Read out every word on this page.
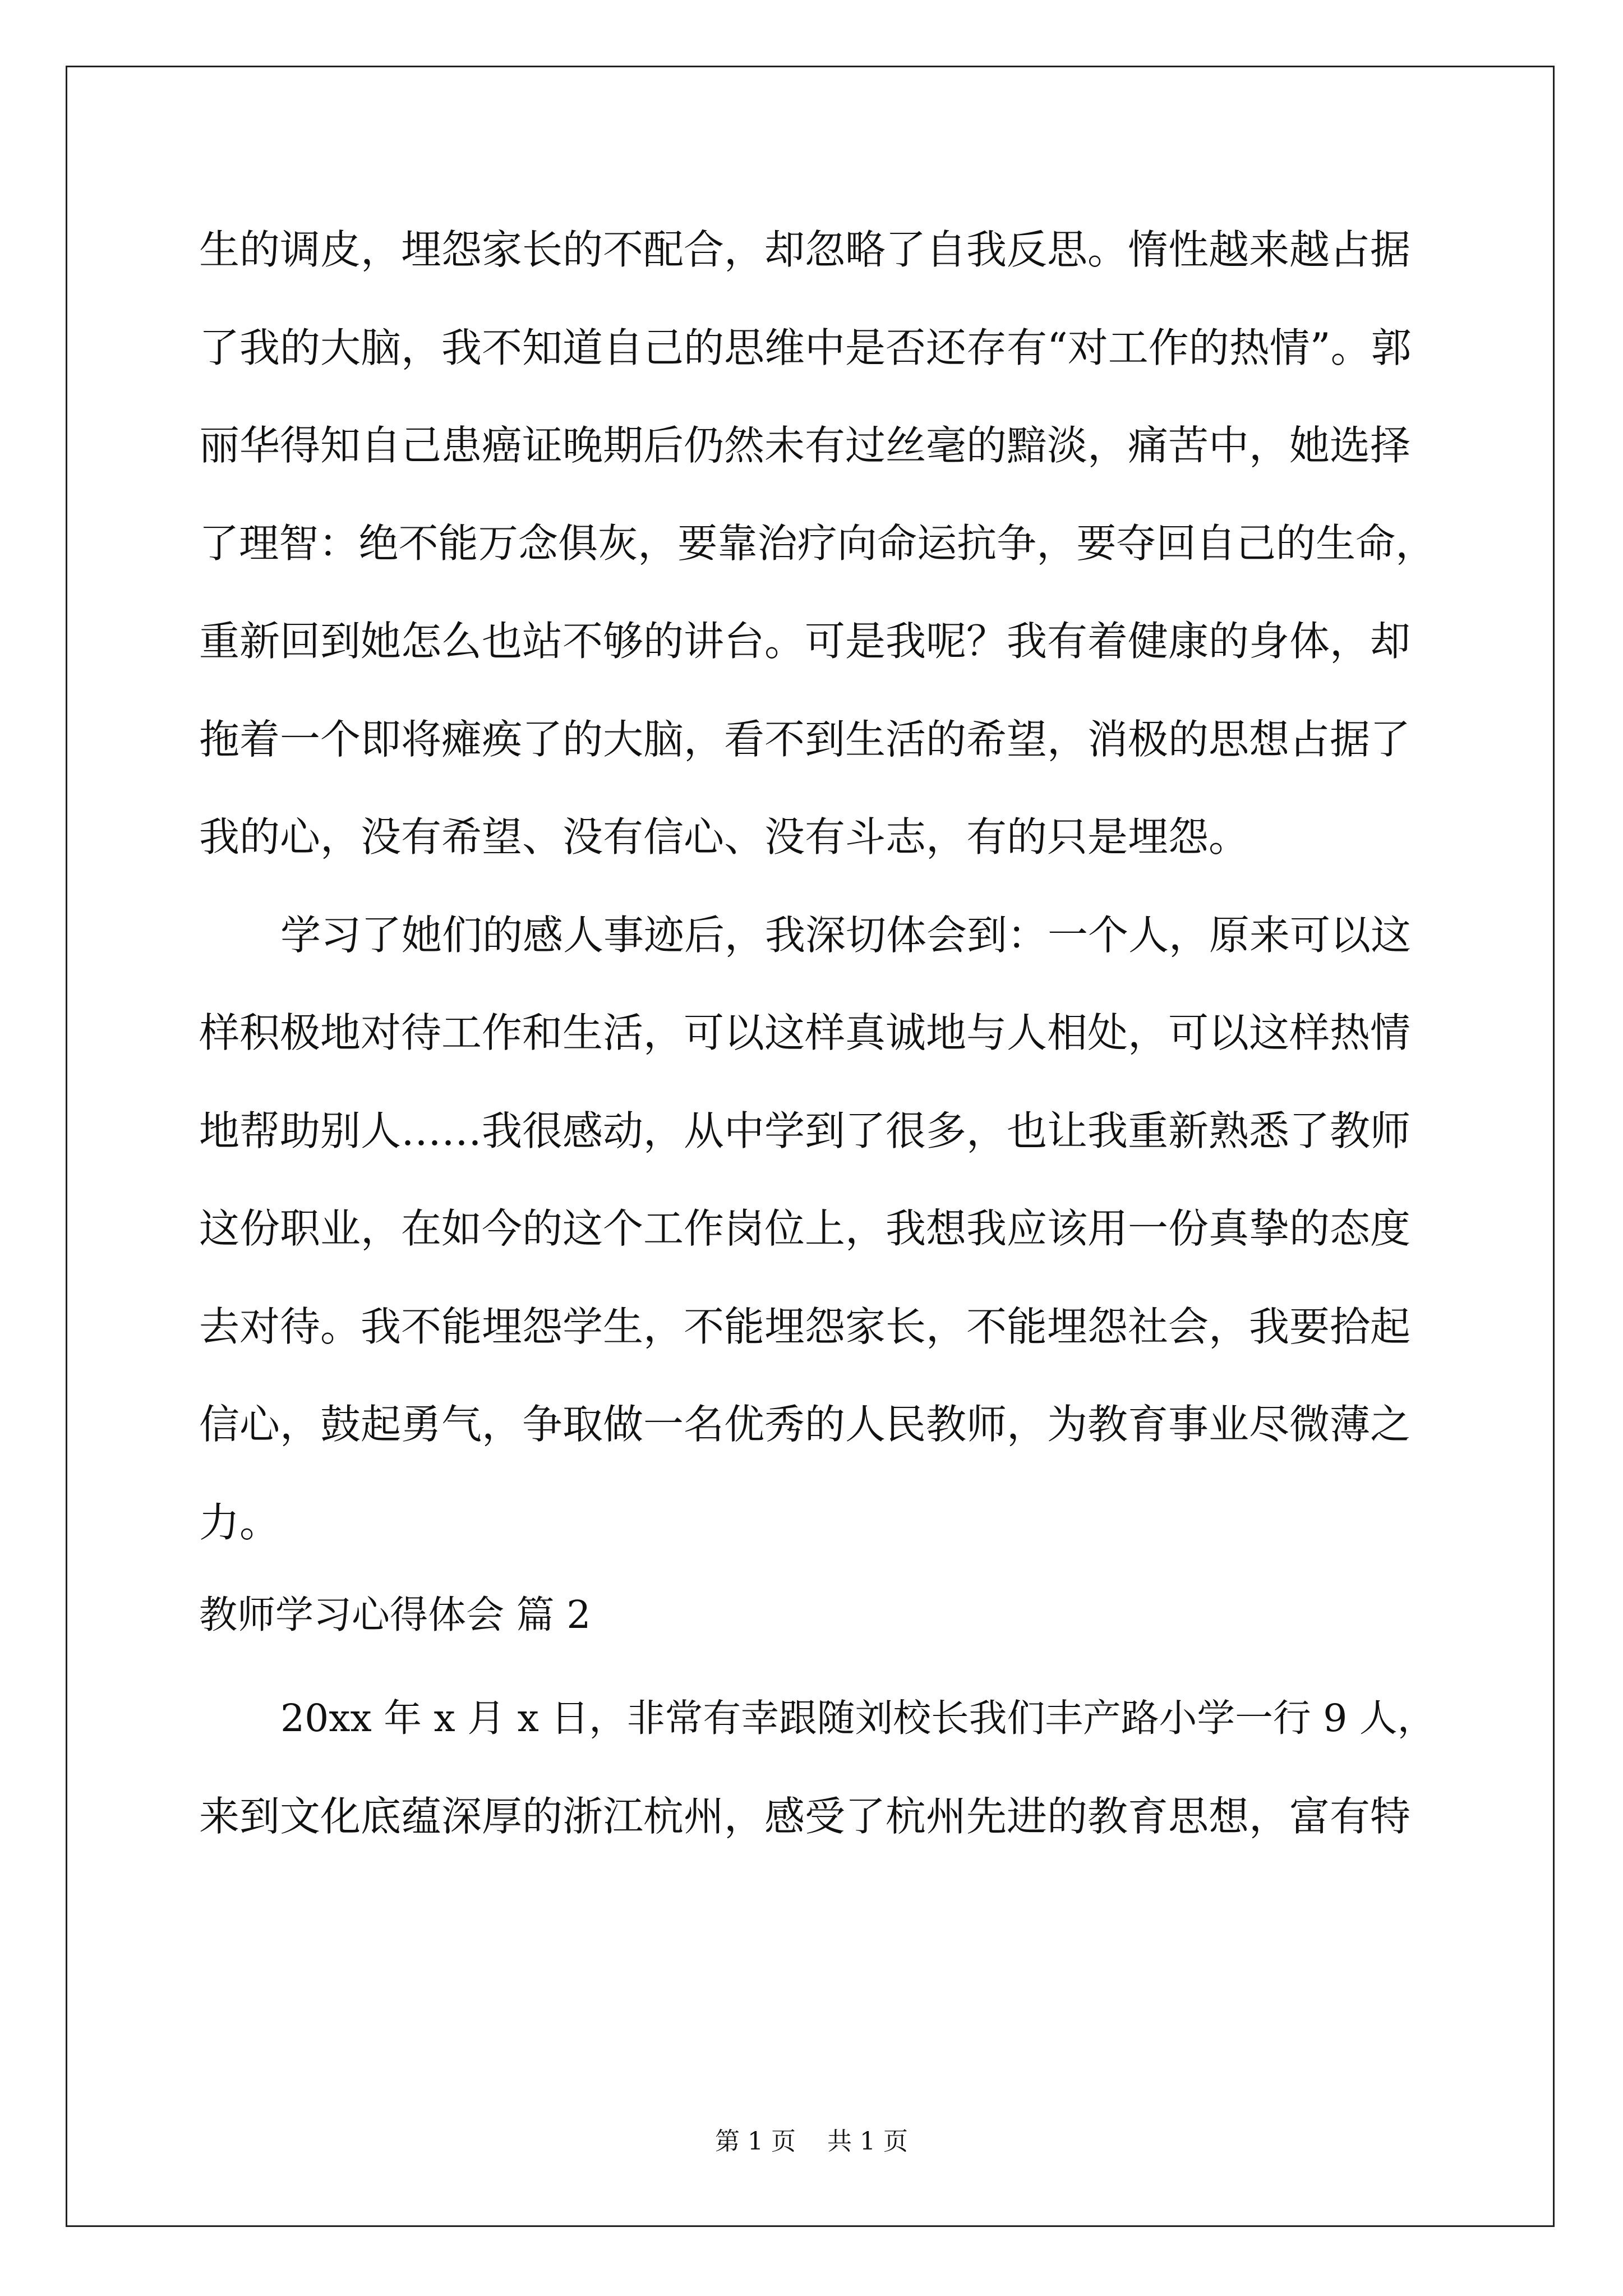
生的调皮，埋怨家长的不配合，却忽略了自我反思。惰性越来越占据
了我的大脑，我不知道自己的思维中是否还存有“对工作的热情”。郭
丽华得知自己患癌证晚期后仍然未有过丝毫的黯淡，痛苦中，她选择
了理智：绝不能万念俱灰，要靠治疗向命运抗争，要夺回自己的生命，
重新回到她怎么也站不够的讲台。可是我呢？我有着健康的身体，却
拖着一个即将瘫痪了的大脑，看不到生活的希望，消极的思想占据了
我的心，没有希望、没有信心、没有斗志，有的只是埋怨。
学习了她们的感人事迹后，我深切体会到：一个人，原来可以这
样积极地对待工作和生活，可以这样真诚地与人相处，可以这样热情
地帮助别人……我很感动，从中学到了很多，也让我重新熟悉了教师
这份职业，在如今的这个工作岗位上，我想我应该用一份真挚的态度
去对待。我不能埋怨学生，不能埋怨家长，不能埋怨社会，我要拾起
信心，鼓起勇气，争取做一名优秀的人民教师，为教育事业尽微薄之
力。
教师学习心得体会 篇 2
20xx 年 x 月 x 日，非常有幸跟随刘校长我们丰产路小学一行 9 人，
来到文化底蕴深厚的浙江杭州，感受了杭州先进的教育思想，富有特
第 1 页 共 1 页
